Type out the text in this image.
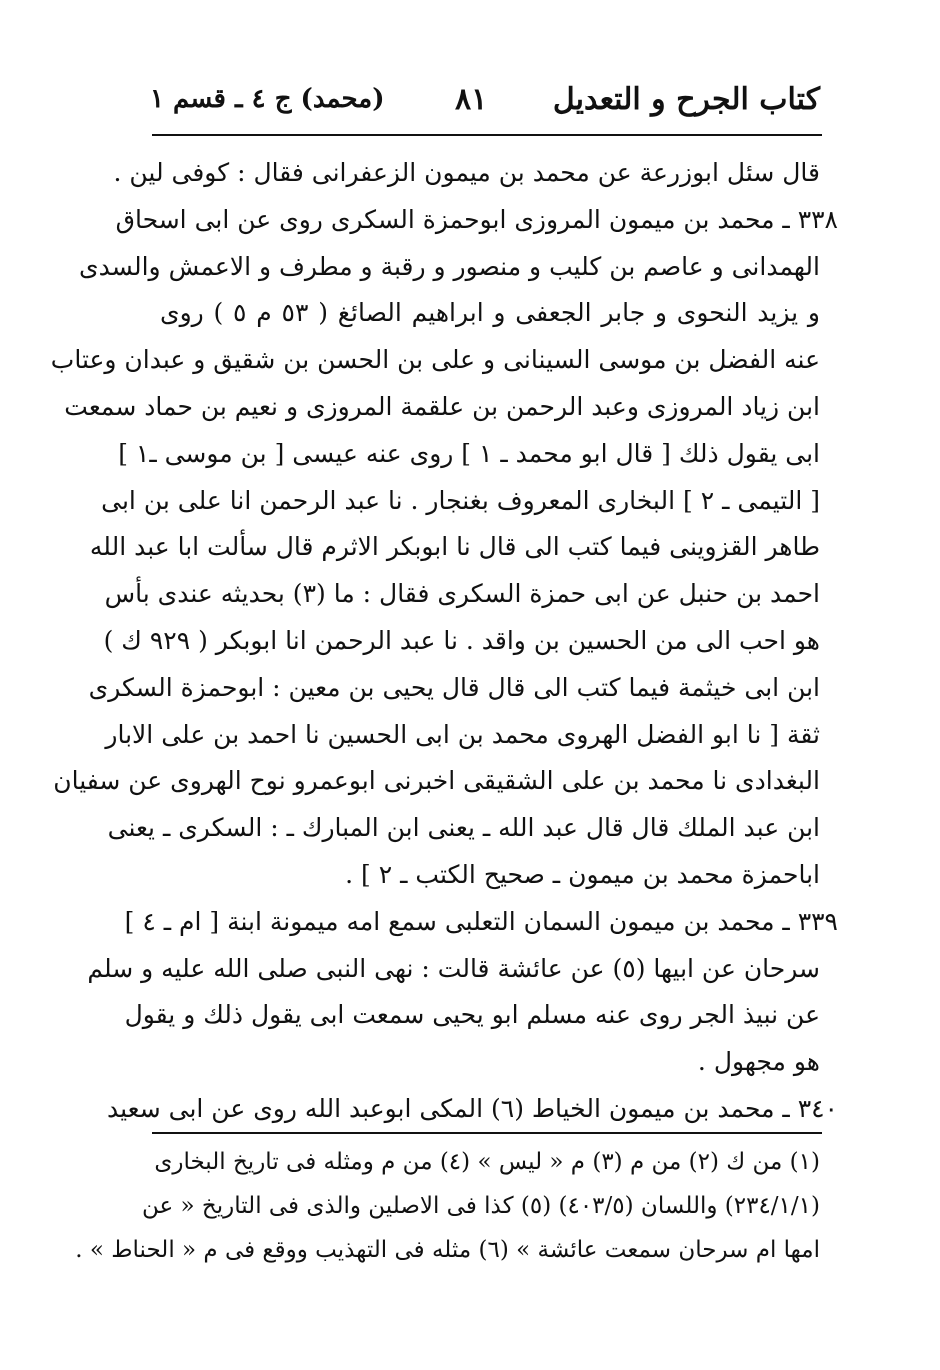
كتاب الجرح و التعديل
٨١
(محمد) ج ٤ ـ قسم ١
قال سئل ابوزرعة عن محمد بن ميمون الزعفرانى فقال : كوفى لين .
٣٣٨ ـ محمد بن ميمون المروزى ابوحمزة السكرى روى عن ابى اسحاق
الهمدانى و عاصم بن كليب و منصور و رقبة و مطرف و الاعمش والسدى
و يزيد النحوى و جابر الجعفى و ابراهيم الصائغ ( ٥٣ م ٥ ) روى
عنه الفضل بن موسى السينانى و على بن الحسن بن شقيق و عبدان وعتاب
ابن زياد المروزى وعبد الرحمن بن علقمة المروزى و نعيم بن حماد سمعت
ابى يقول ذلك [ قال ابو محمد ـ ١ ] روى عنه عيسى [ بن موسى ـ١ ]
[ التيمى ـ ٢ ] البخارى المعروف بغنجار . نا عبد الرحمن انا على بن ابى
طاهر القزوينى فيما كتب الى قال نا ابوبكر الاثرم قال سألت ابا عبد الله
احمد بن حنبل عن ابى حمزة السكرى فقال : ما (٣) بحديثه عندى بأس
هو احب الى من الحسين بن واقد . نا عبد الرحمن انا ابوبكر ( ٩٢٩ ك )
ابن ابى خيثمة فيما كتب الى قال قال يحيى بن معين : ابوحمزة السكرى
ثقة [ نا ابو الفضل الهروى محمد بن ابى الحسين نا احمد بن على الابار
البغدادى نا محمد بن على الشقيقى اخبرنى ابوعمرو نوح الهروى عن سفيان
ابن عبد الملك قال قال عبد الله ـ يعنى ابن المبارك ـ : السكرى ـ يعنى
اباحمزة محمد بن ميمون ـ صحيح الكتب ـ ٢ ] .
٣٣٩ ـ محمد بن ميمون السمان التعلبى سمع امه ميمونة ابنة [ ام ـ ٤ ]
سرحان عن ابيها (٥) عن عائشة قالت : نهى النبى صلى الله عليه و سلم
عن نبيذ الجر روى عنه مسلم ابو يحيى سمعت ابى يقول ذلك و يقول
هو مجهول .
٣٤٠ ـ محمد بن ميمون الخياط (٦) المكى ابوعبد الله روى عن ابى سعيد
(١) من ك (٢) من م (٣) م « ليس » (٤) من م ومثله فى تاريخ البخارى
(٢٣٤/١/١) واللسان (٤٠٣/٥) (٥) كذا فى الاصلين والذى فى التاريخ « عن
امها ام سرحان سمعت عائشة » (٦) مثله فى التهذيب ووقع فى م « الحناط » .
